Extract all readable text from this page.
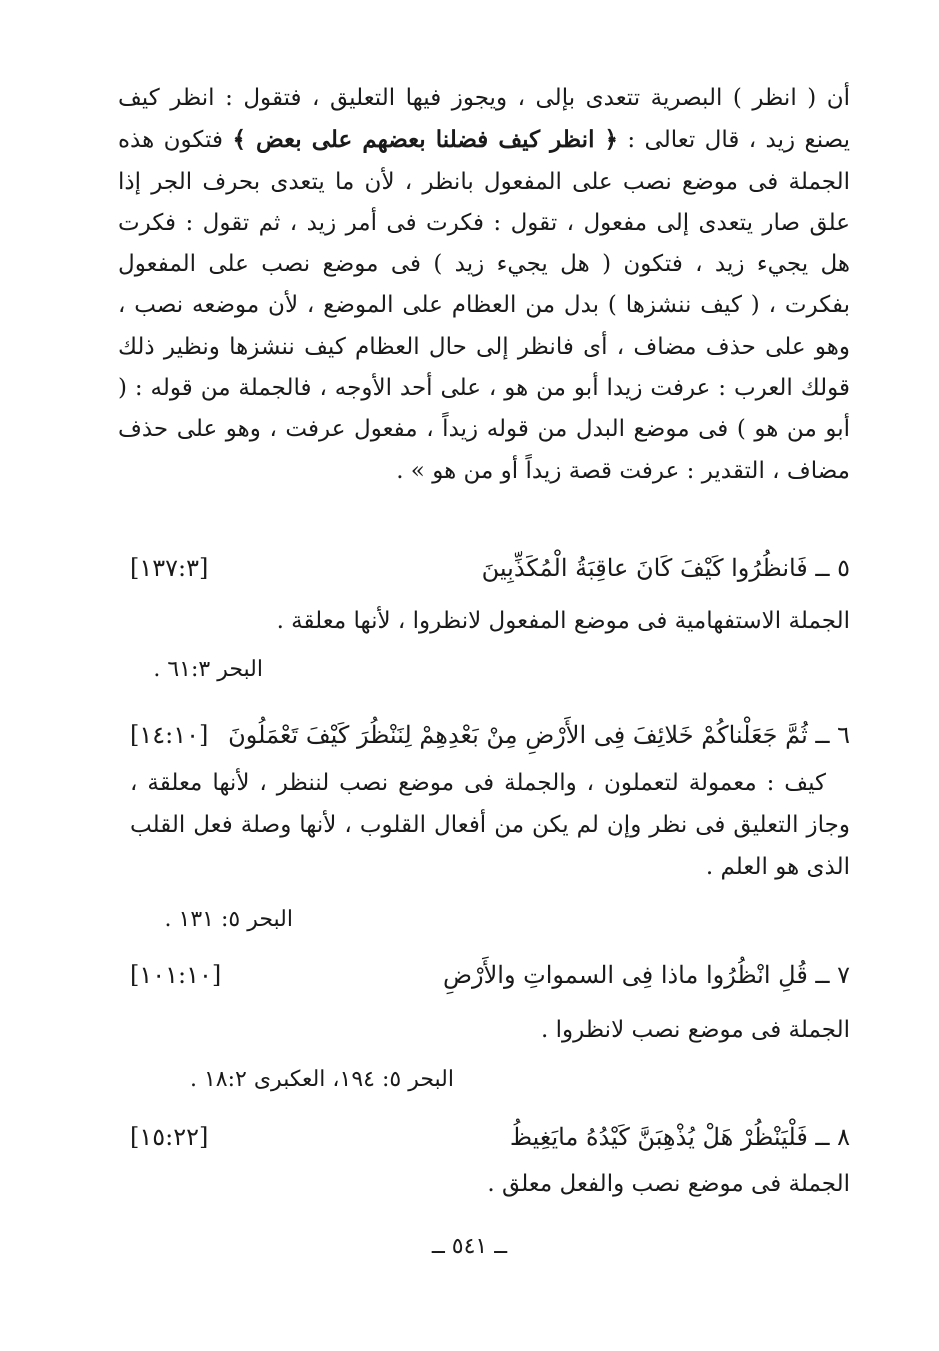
أن ( انظر ) البصرية تتعدى بإلى ، ويجوز فيها التعليق ، فتقول : انظر كيف يصنع زيد ، قال تعالى : ﴿ انظر كيف فضلنا بعضهم على بعض ﴾ فتكون هذه الجملة فى موضع نصب على المفعول بانظر ، لأن ما يتعدى بحرف الجر إذا علق صار يتعدى إلى مفعول ، تقول : فكرت فى أمر زيد ، ثم تقول : فكرت هل يجيء زيد ، فتكون ( هل يجيء زيد ) فى موضع نصب على المفعول بفكرت ، ( كيف ننشزها ) بدل من العظام على الموضع ، لأن موضعه نصب ، وهو على حذف مضاف ، أى فانظر إلى حال العظام كيف ننشزها ونظير ذلك قولك العرب : عرفت زيدا أبو من هو ، على أحد الأوجه ، فالجملة من قوله : ( أبو من هو ) فى موضع البدل من قوله زيداً ، مفعول عرفت ، وهو على حذف مضاف ، التقدير : عرفت قصة زيداً أو من هو » .
٥ ــ فَانظُرُوا كَيْفَ كَانَ عاقِبَةُ الْمُكَذِّبِينَ
[١٣٧:٣]
الجملة الاستفهامية فى موضع المفعول لانظروا ، لأنها معلقة .
البحر ٦١:٣ .
٦ ــ ثُمَّ جَعَلْناكُمْ خَلائِفَ فِى الأَرْضِ مِنْ بَعْدِهِمْ لِنَنْظُرَ كَيْفَ تَعْمَلُونَ
[١٤:١٠]
كيف : معمولة لتعملون ، والجملة فى موضع نصب لننظر ، لأنها معلقة ، وجاز التعليق فى نظر وإن لم يكن من أفعال القلوب ، لأنها وصلة فعل القلب الذى هو العلم .
البحر ٥: ١٣١ .
٧ ــ قُلِ انْظُرُوا ماذا فِى السمواتِ والأَرْضِ
[١٠١:١٠]
الجملة فى موضع نصب لانظروا .
البحر ٥: ١٩٤، العكبرى ١٨:٢ .
٨ ــ فَلْيَنْظُرْ هَلْ يُذْهِبَنَّ كَيْدُهُ مايَغِيظُ
[١٥:٢٢]
الجملة فى موضع نصب والفعل معلق .
ــ ٥٤١ ــ
